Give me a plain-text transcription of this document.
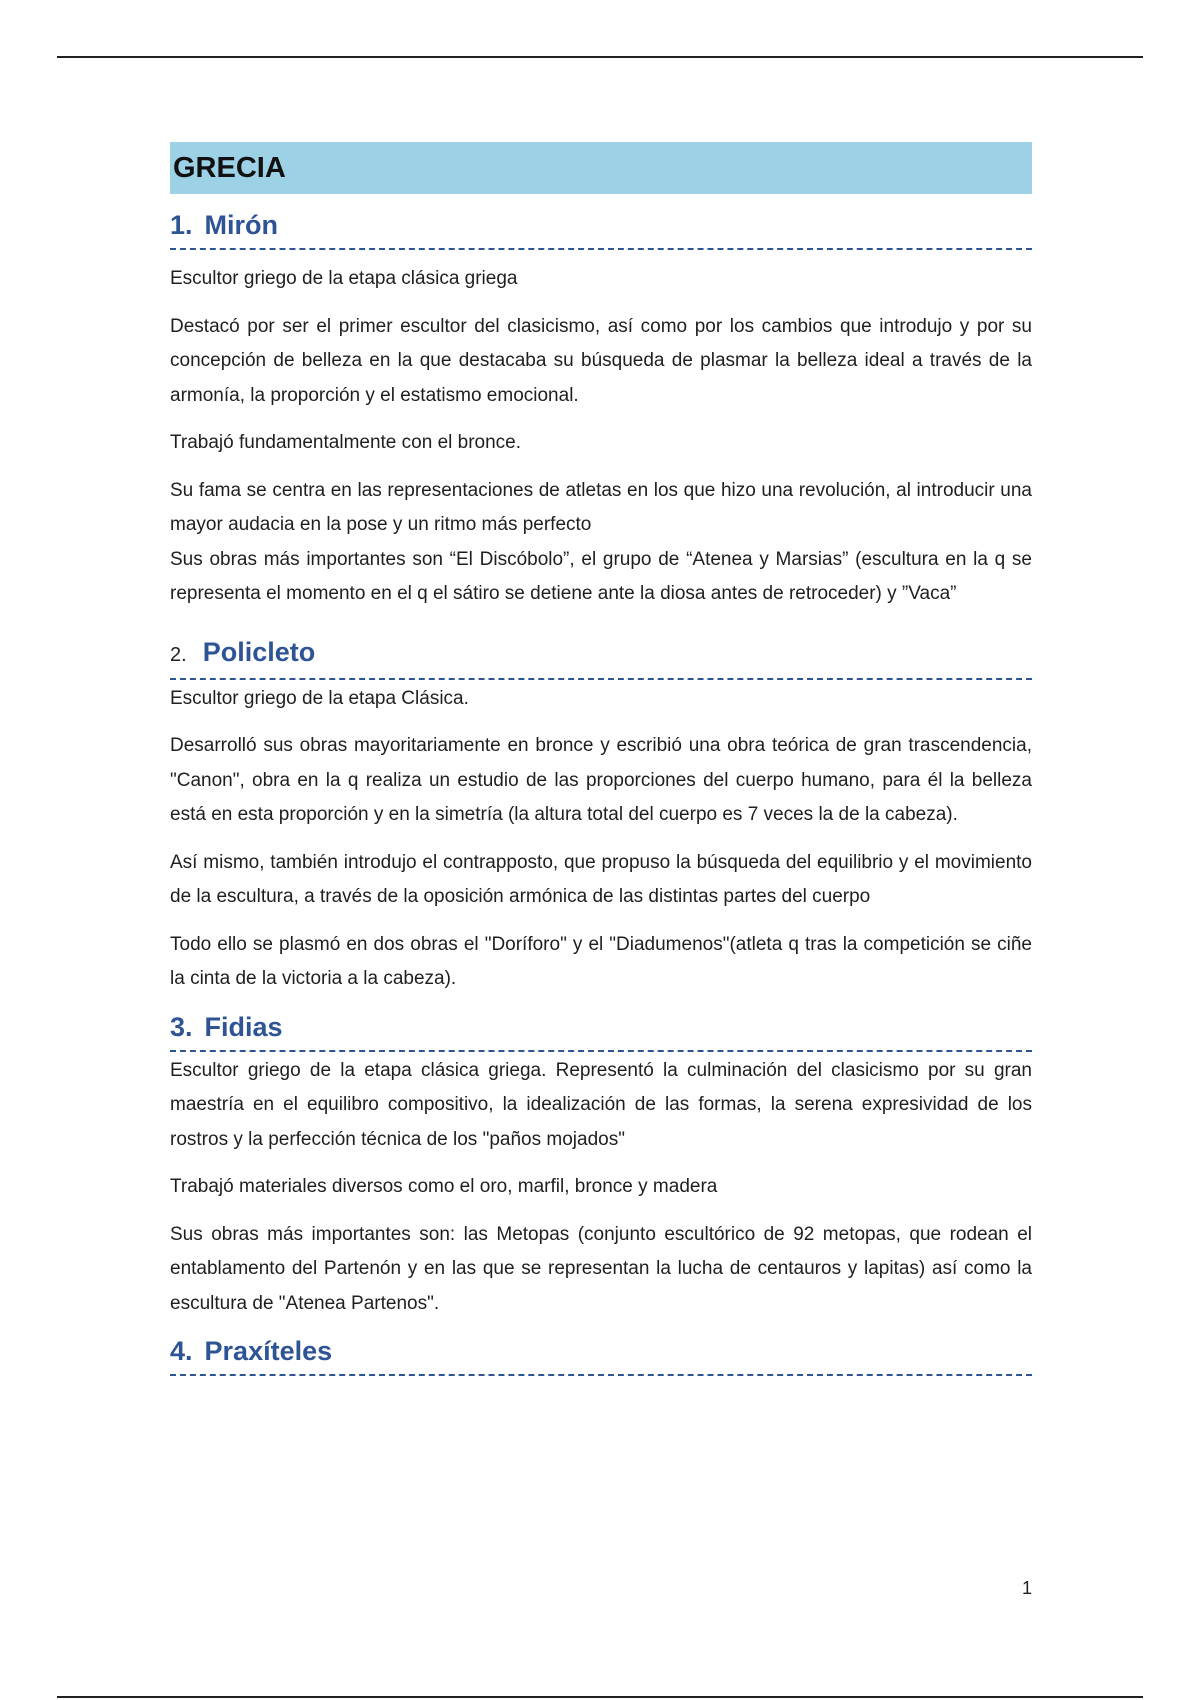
GRECIA
1. Mirón

Escultor griego de la etapa clásica griega

Destacó por ser el primer escultor del clasicismo, así como por los cambios que introdujo y por su concepción de belleza en la que destacaba su búsqueda de plasmar la belleza ideal a través de la armonía, la proporción y el estatismo emocional.

Trabajó fundamentalmente con el bronce.

Su fama se centra en las representaciones de atletas en los que hizo una revolución, al introducir una mayor audacia en la pose y un ritmo más perfecto

Sus obras más importantes son “El Discóbolo”, el grupo de “Atenea y Marsias” (escultura en la q se representa el momento en el q el sátiro se detiene ante la diosa antes de retroceder) y ”Vaca”

2. Policleto

Escultor griego de la etapa Clásica.

Desarrolló sus obras mayoritariamente en bronce y escribió una obra teórica de gran trascendencia, "Canon", obra en la q realiza un estudio de las proporciones del cuerpo humano, para él la belleza está en esta proporción y en la simetría (la altura total del cuerpo es 7 veces la de la cabeza).

Así mismo, también introdujo el contrapposto, que propuso la búsqueda del equilibrio y el movimiento de la escultura, a través de la oposición armónica de las distintas partes del cuerpo

Todo ello se plasmó en dos obras el "Doríforo" y el "Diadumenos"(atleta q tras la competición se ciñe la cinta de la victoria a la cabeza).

3. Fidias

Escultor griego de la etapa clásica griega. Representó la culminación del clasicismo por su gran maestría en el equilibro compositivo, la idealización de las formas, la serena expresividad de los rostros y la perfección técnica de los "paños mojados"

Trabajó materiales diversos como el oro, marfil, bronce y madera

Sus obras más importantes son: las Metopas (conjunto escultórico de 92 metopas, que rodean el entablamento del Partenón y en las que se representan la lucha de centauros y lapitas) así como la escultura de "Atenea Partenos".

4. Praxíteles
1
